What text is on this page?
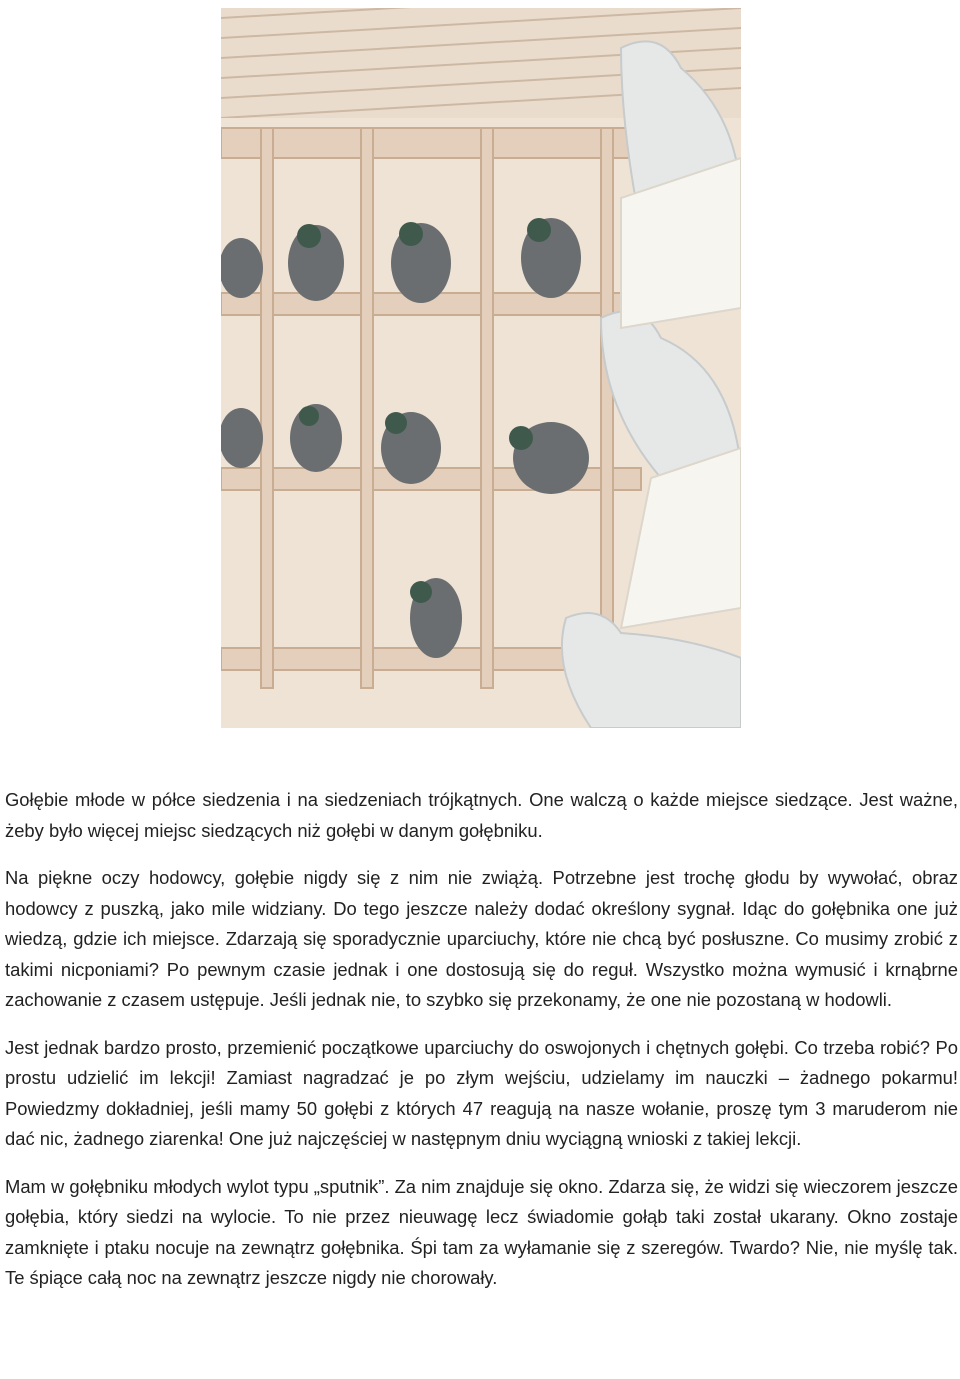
Gołębie młode w półce siedzenia i na siedzeniach trójkątnych. One walczą o każde miejsce siedzące. Jest ważne, żeby było więcej miejsc siedzących niż gołębi w danym gołębniku.

Na piękne oczy hodowcy, gołębie nigdy się z nim nie zwiążą. Potrzebne jest trochę głodu by wywołać, obraz hodowcy z puszką, jako mile widziany. Do tego jeszcze należy dodać określony sygnał. Idąc do gołębnika one już wiedzą, gdzie ich miejsce. Zdarzają się sporadycznie uparciuchy, które nie chcą być posłuszne. Co musimy zrobić z takimi nicponiami? Po pewnym czasie jednak i one dostosują się do reguł. Wszystko można wymusić i krnąbrne zachowanie z czasem ustępuje. Jeśli jednak nie, to szybko się przekonamy, że one nie pozostaną w hodowli.

Jest jednak bardzo prosto, przemienić początkowe uparciuchy do oswojonych i chętnych gołębi. Co trzeba robić? Po prostu udzielić im lekcji! Zamiast nagradzać je po złym wejściu, udzielamy im nauczki – żadnego pokarmu! Powiedzmy dokładniej, jeśli mamy 50 gołębi z których 47 reagują na nasze wołanie, proszę tym 3 maruderom nie dać nic, żadnego ziarenka! One już najczęściej w następnym dniu wyciągną wnioski z takiej lekcji.

Mam w gołębniku młodych wylot typu „sputnik”. Za nim znajduje się okno. Zdarza się, że widzi się wieczorem jeszcze gołębia, który siedzi na wylocie. To nie przez nieuwagę lecz świadomie gołąb taki został ukarany. Okno zostaje zamknięte i ptaku nocuje na zewnątrz gołębnika. Śpi tam za wyłamanie się z szeregów. Twardo? Nie, nie myślę tak. Te śpiące całą noc na zewnątrz jeszcze nigdy nie chorowały.
